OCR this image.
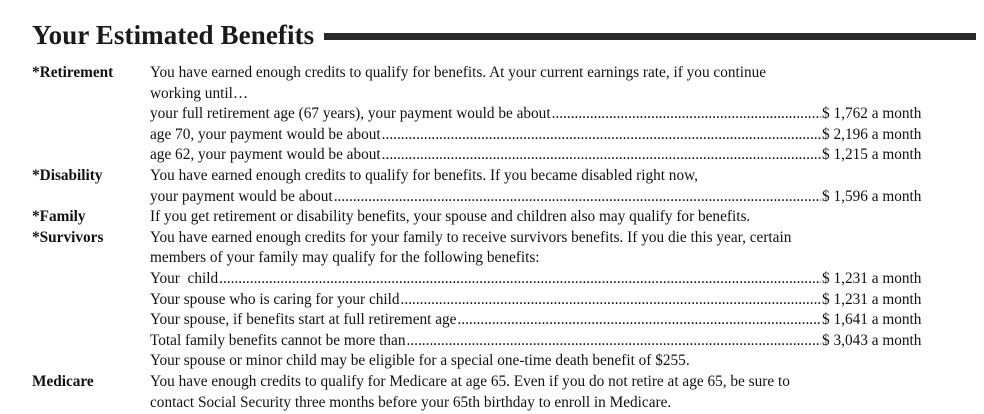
Your Estimated Benefits
*Retirement	You have earned enough credits to qualify for benefits. At your current earnings rate, if you continue working until…
your full retirement age (67 years), your payment would be about .....	$ 1,762 a month
age 70, your payment would be about .....	$ 2,196 a month
age 62, your payment would be about .....	$ 1,215 a month
*Disability	You have earned enough credits to qualify for benefits. If you became disabled right now,
your payment would be about .....	$ 1,596 a month
*Family	If you get retirement or disability benefits, your spouse and children also may qualify for benefits.
*Survivors	You have earned enough credits for your family to receive survivors benefits. If you die this year, certain members of your family may qualify for the following benefits:
Your  child .....	$ 1,231 a month
Your spouse who is caring for your child .....	$ 1,231 a month
Your spouse, if benefits start at full retirement age .....	$ 1,641 a month
Total family benefits cannot be more than .....	$ 3,043 a month
Your spouse or minor child may be eligible for a special one-time death benefit of $255.
Medicare	You have enough credits to qualify for Medicare at age 65. Even if you do not retire at age 65, be sure to contact Social Security three months before your 65th birthday to enroll in Medicare.
